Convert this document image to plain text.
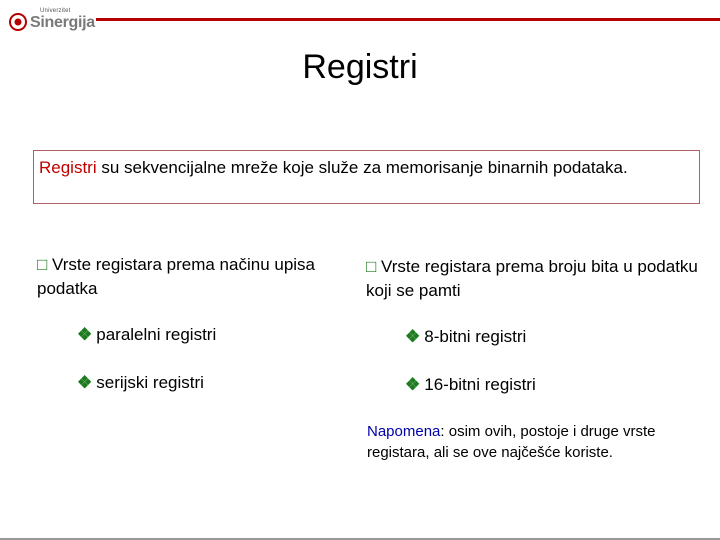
Univerzitet
Sinergija
Registri
Registri su sekvencijalne mreže koje služe za memorisanje binarnih podataka.
□ Vrste registara prema načinu upisa podatka
❖ paralelni registri
❖ serijski registri
□ Vrste registara prema broju bita u podatku koji se pamti
❖ 8-bitni registri
❖ 16-bitni registri
Napomena: osim ovih, postoje i druge vrste registara, ali se ove najčešće koriste.
